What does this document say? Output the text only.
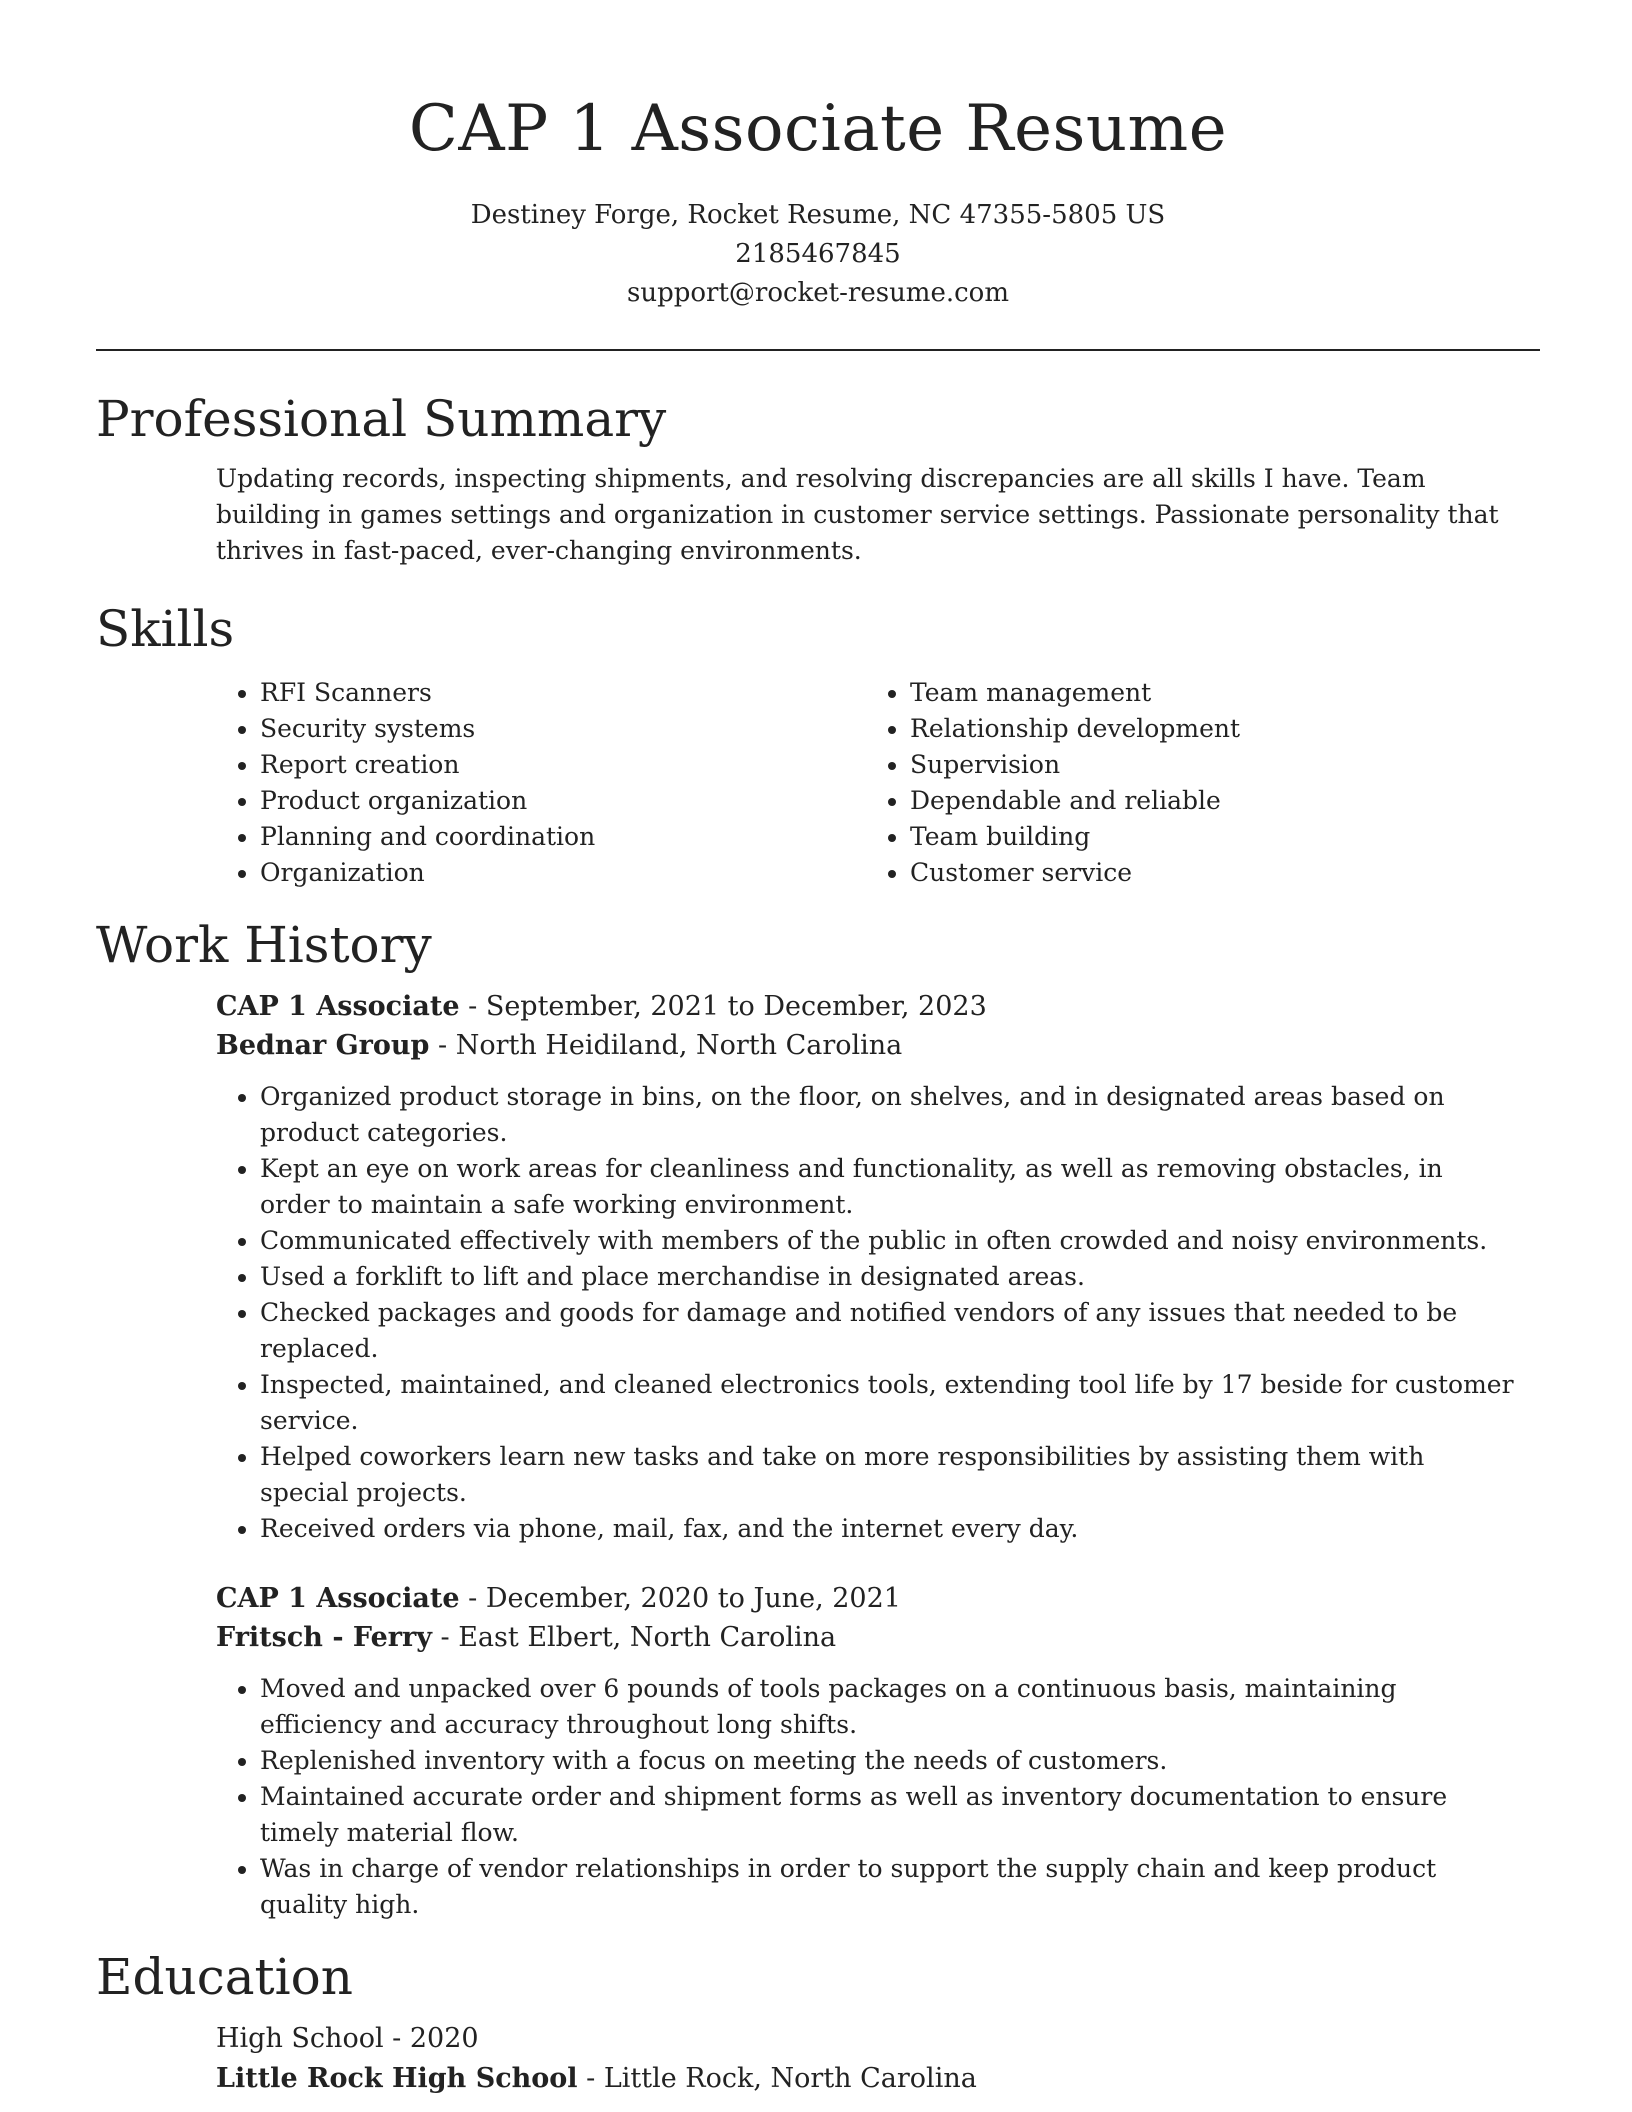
CAP 1 Associate Resume
Destiney Forge, Rocket Resume, NC 47355-5805 US
2185467845
support@rocket-resume.com
Professional Summary
Updating records, inspecting shipments, and resolving discrepancies are all skills I have. Team building in games settings and organization in customer service settings. Passionate personality that thrives in fast-paced, ever-changing environments.
Skills
• RFI Scanners
• Security systems
• Report creation
• Product organization
• Planning and coordination
• Organization
• Team management
• Relationship development
• Supervision
• Dependable and reliable
• Team building
• Customer service
Work History
CAP 1 Associate - September, 2021 to December, 2023
Bednar Group - North Heidiland, North Carolina
• Organized product storage in bins, on the floor, on shelves, and in designated areas based on product categories.
• Kept an eye on work areas for cleanliness and functionality, as well as removing obstacles, in order to maintain a safe working environment.
• Communicated effectively with members of the public in often crowded and noisy environments.
• Used a forklift to lift and place merchandise in designated areas.
• Checked packages and goods for damage and notified vendors of any issues that needed to be replaced.
• Inspected, maintained, and cleaned electronics tools, extending tool life by 17 beside for customer service.
• Helped coworkers learn new tasks and take on more responsibilities by assisting them with special projects.
• Received orders via phone, mail, fax, and the internet every day.
CAP 1 Associate - December, 2020 to June, 2021
Fritsch - Ferry - East Elbert, North Carolina
• Moved and unpacked over 6 pounds of tools packages on a continuous basis, maintaining efficiency and accuracy throughout long shifts.
• Replenished inventory with a focus on meeting the needs of customers.
• Maintained accurate order and shipment forms as well as inventory documentation to ensure timely material flow.
• Was in charge of vendor relationships in order to support the supply chain and keep product quality high.
Education
High School - 2020
Little Rock High School - Little Rock, North Carolina
